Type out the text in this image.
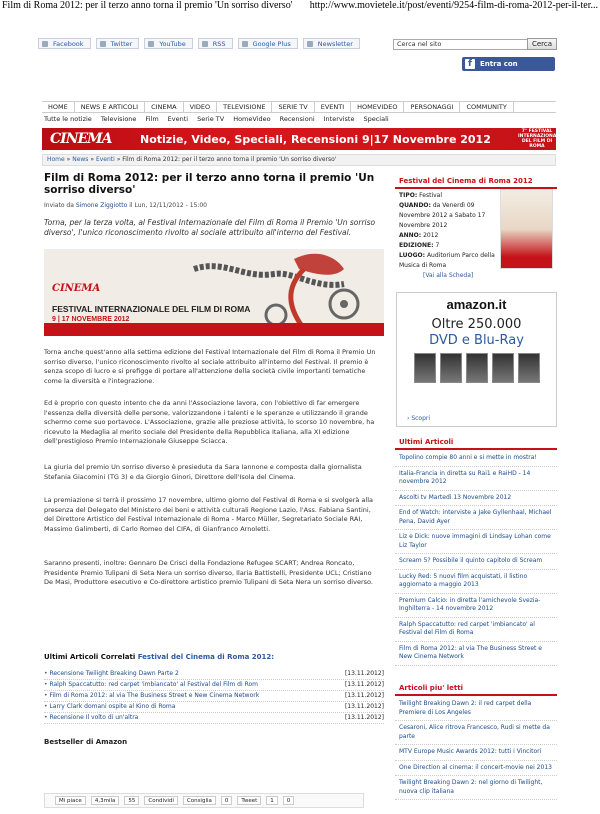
Film di Roma 2012: per il terzo anno torna il premio 'Un sorriso diverso' http://www.movietele.it/post/eventi/9254-film-di-roma-2012-per-il-ter...
Facebook	Twitter	YouTube	RSS	Google Plus	Newsletter	Cerca nel sito	Cerca
f	Entra con Facebook
HOME	NEWS E ARTICOLI	CINEMA	VIDEO	TELEVISIONE	SERIE TV	EVENTI	HOMEVIDEO	PERSONAGGI	COMMUNITY
Tutte le notizie Televisione Film Eventi Serie TV HomeVideo Recensioni Interviste Speciali
CINEMA	Notizie, Video, Speciali, Recensioni 9|17 Novembre 2012
7° FESTIVAL INTERNAZIONALE DEL FILM DI ROMA
Home » News » Eventi » Film di Roma 2012: per il terzo anno torna il premio 'Un sorriso diverso'
Film di Roma 2012: per il terzo anno torna il premio 'Un sorriso diverso'
Inviato da Simone Ziggiotto il Lun, 12/11/2012 - 15:00
Torna, per la terza volta, al Festival Internazionale del Film di Roma il Premio 'Un sorriso diverso', l'unico riconoscimento rivolto al sociale attribuito all'interno del Festival.
CINEMA
FESTIVAL INTERNAZIONALE DEL FILM DI ROMA
9 | 17 NOVEMBRE 2012
Torna anche quest'anno alla settima edizione del Festival Internazionale del Film di Roma il Premio Un sorriso diverso, l'unico riconoscimento rivolto al sociale attribuito all'interno del Festival. Il premio è senza scopo di lucro e si prefigge di portare all'attenzione della società civile importanti tematiche come la diversità e l'integrazione.
Ed è proprio con questo intento che da anni l'Associazione lavora, con l'obiettivo di far emergere l'essenza della diversità delle persone, valorizzandone i talenti e le speranze e utilizzando il grande schermo come suo portavoce. L'Associazione, grazie alle preziose attività, lo scorso 10 novembre, ha ricevuto la Medaglia al merito sociale del Presidente della Repubblica Italiana, alla XI edizione dell'prestigioso Premio Internazionale Giuseppe Sciacca.
La giuria del premio Un sorriso diverso è presieduta da Sara Iannone e composta dalla giornalista Stefania Giacomini (TG 3) e da Giorgio Ginori, Direttore dell'Isola del Cinema.
La premiazione si terrà il prossimo 17 novembre, ultimo giorno del Festival di Roma e si svolgerà alla presenza del Delegato del Ministero dei beni e attività culturali Regione Lazio, l'Ass. Fabiana Santini, del Direttore Artistico del Festival Internazionale di Roma - Marco Müller, Segretariato Sociale RAI, Massimo Galimberti, di Carlo Romeo del CIFA, di Gianfranco Arnoletti.
Saranno presenti, inoltre: Gennaro De Crisci della Fondazione Refugee SCART; Andrea Roncato, Presidente Premio Tulipani di Seta Nera un sorriso diverso, Ilaria Battistelli, Presidente UCL; Cristiano De Masi, Produttore esecutivo e Co-direttore artistico premio Tulipani di Seta Nera un sorriso diverso.
Ultimi Articoli Correlati Festival del Cinema di Roma 2012:
• Recensione Twilight Breaking Dawn Parte 2	[13.11.2012]
• Ralph Spaccatutto: red carpet 'imbiancato' al Festival del Film di Rom	[13.11.2012]
• Film di Roma 2012: al via The Business Street e New Cinema Network	[13.11.2012]
• Larry Clark domani ospite al Kino di Roma	[13.11.2012]
• Recensione Il volto di un'altra	[13.11.2012]
Bestseller di Amazon
Mi piace	4,3mila	55	Condividi	Consiglia	0	Tweet	1	0
Festival del Cinema di Roma 2012
TIPO: Festival
QUANDO: da Venerdì 09 Novembre 2012 a Sabato 17 Novembre 2012
ANNO: 2012
EDIZIONE: 7
LUOGO: Auditorium Parco della Musica di Roma
[Vai alla Scheda]
amazon.it
Oltre 250.000
DVD e Blu-Ray
› Scopri
Ultimi Articoli
Topolino compie 80 anni e si mette in mostra!
Italia-Francia in diretta su Rai1 e RaiHD - 14 novembre 2012
Ascolti tv Martedì 13 Novembre 2012
End of Watch: interviste a Jake Gyllenhaal, Michael Pena, David Ayer
Liz e Dick: nuove immagini di Lindsay Lohan come Liz Taylor
Scream 5? Possibile il quinto capitolo di Scream
Lucky Red: 5 nuovi film acquistati, il listino aggiornato a maggio 2013
Premium Calcio: in diretta l'amichevole Svezia-Inghilterra - 14 novembre 2012
Ralph Spaccatutto: red carpet 'imbiancato' al Festival del Film di Roma
Film di Roma 2012: al via The Business Street e New Cinema Network
Articoli piu' letti
Twilight Breaking Dawn 2: il red carpet della Premiere di Los Angeles
Cesaroni, Alice ritrova Francesco, Rudi si mette da parte
MTV Europe Music Awards 2012: tutti i Vincitori
One Direction al cinema: il concert-movie nei 2013
Twilight Breaking Dawn 2: nel giorno di Twilight, nuova clip italiana
